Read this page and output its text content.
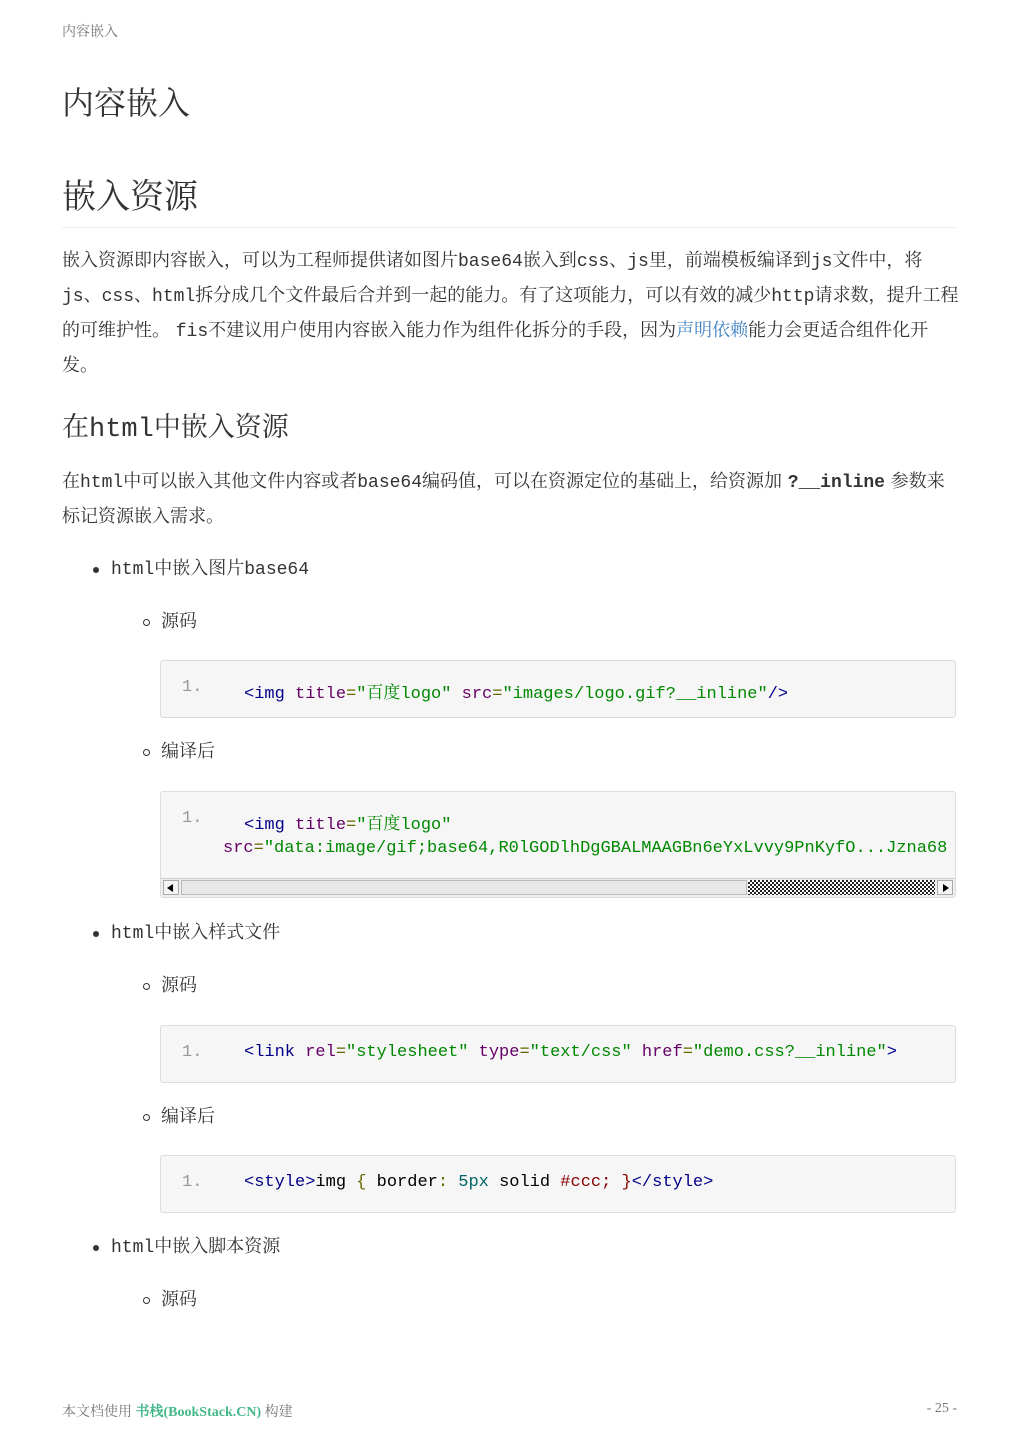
内容嵌入
内容嵌入
嵌入资源

嵌入资源即内容嵌入，可以为工程师提供诸如图片base64嵌入到css、js里，前端模板编译到js文件中，将js、css、html拆分成几个文件最后合并到一起的能力。有了这项能力，可以有效的减少http请求数，提升工程的可维护性。 fis不建议用户使用内容嵌入能力作为组件化拆分的手段，因为声明依赖能力会更适合组件化开发。

在html中嵌入资源

在html中可以嵌入其他文件内容或者base64编码值，可以在资源定位的基础上，给资源加 ?__inline 参数来标记资源嵌入需求。

html中嵌入图片base64
源码
1. <img title="百度logo" src="images/logo.gif?__inline"/>
编译后
1. <img title="百度logo"
src="data:image/gif;base64,R0lGODlhDgGBALMAAGBn6eYxLvvy9PnKyfO...Jzna68
html中嵌入样式文件
源码
1. <link rel="stylesheet" type="text/css" href="demo.css?__inline">
编译后
1. <style>img { border: 5px solid #ccc; }</style>
html中嵌入脚本资源
源码
本文档使用 书栈(BookStack.CN) 构建	- 25 -
